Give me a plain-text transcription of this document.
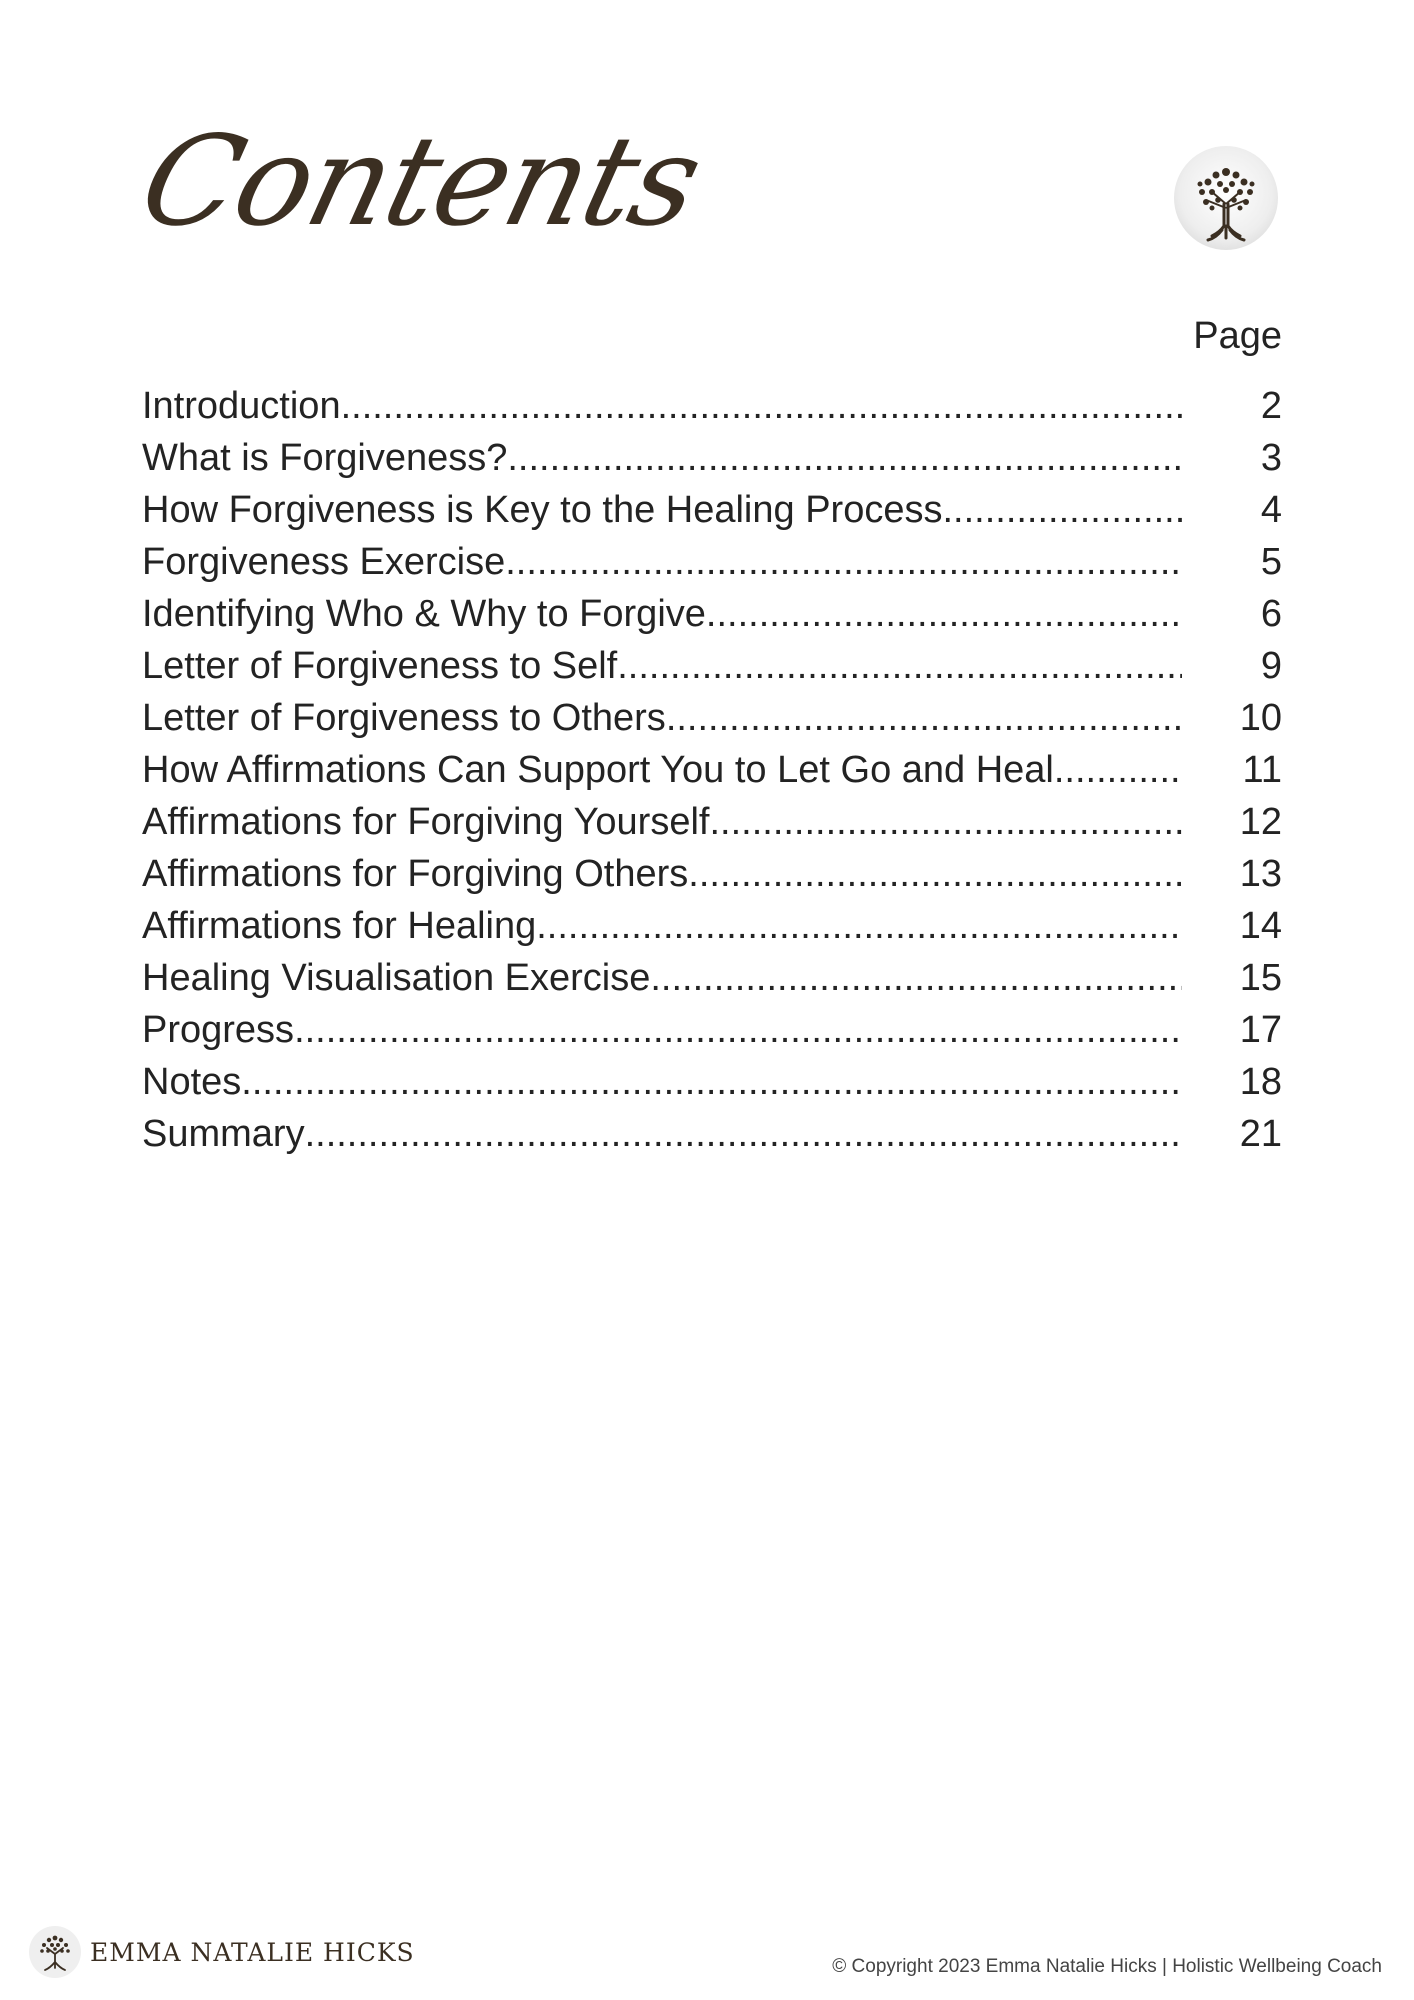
Contents
Page
Introduction .....	2
What is Forgiveness? .....	3
How Forgiveness is Key to the Healing Process .....	4
Forgiveness Exercise .....	5
Identifying Who & Why to Forgive .....	6
Letter of Forgiveness to Self .....	9
Letter of Forgiveness to Others .....	10
How Affirmations Can Support You to Let Go and Heal .....	11
Affirmations for Forgiving Yourself .....	12
Affirmations for Forgiving Others .....	13
Affirmations for Healing .....	14
Healing Visualisation Exercise .....	15
Progress .....	17
Notes .....	18
Summary .....	21
EMMA NATALIE HICKS	© Copyright 2023 Emma Natalie Hicks | Holistic Wellbeing Coach
